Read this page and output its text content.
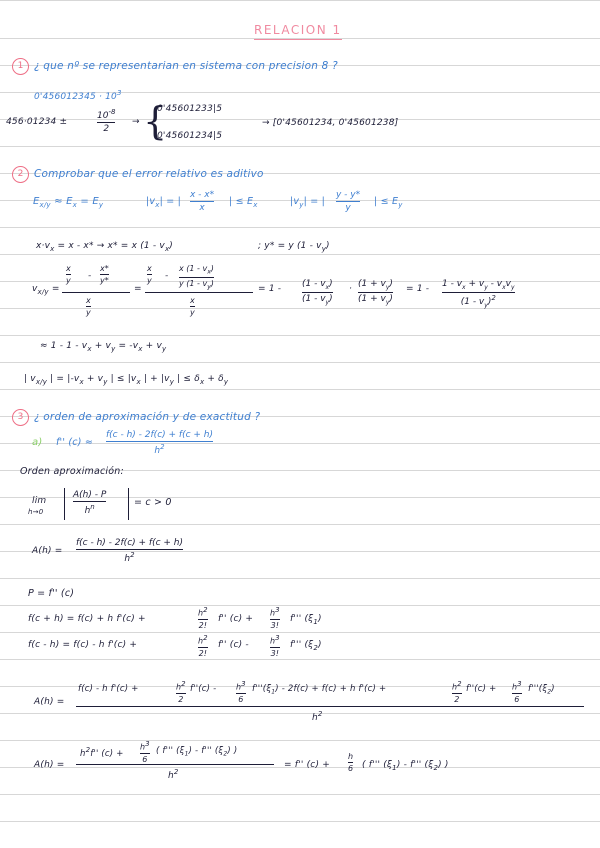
RELACION 1
1	¿ que nº se representarian en sistema con precision 8 ?
$0'456012345 \cdot 10^3$
456·01234 ±
$10^{-8}$
2
→ {
0'45601233|5
0'45601234|5
→ [0'45601234, 0'45601238]
2	Comprobar que el error relativo es aditivo
$E_{x/y} \approx E_x = E_y$	$|v_x|$ = |
x - x*
x
| ≤ $E_x$	$|v_y|$ = |
y - y*
y
| ≤ $E_y$
$x\cdot v_x = x - x* \to x* = x$ $(1 - v_x)$	; y* = y $(1 - v_y)$
$v_{x/y}$ =
x
y -
x*
y*
x
y
=
x
y -
x $(1 - v_x)$
y $(1 - v_y)$
x
y
= $1 - (1 - v_x)$
$(1 - v_y)$
· $(1 + v_y)$
$(1 + v_y)$
= $1 - 1 - v_x + v_y - v_xv_y$
$(1 - v_y)^2$
≈ $1 - 1 - v_x + v_y = -v_x + v_y$
| $v_{x/y}$ | = $|-v_x + v_y$ | ≤ $|v_x$ | + $|v_y$ | ≤ $\delta_x + \delta_y$
3	¿ orden de aproximación y de exactitud ?
a) f'' (c) ≈
f(c - h) - 2f(c) + f(c + h)
$h^2$
Orden aproximación:
lim
h→0
A(h) - P
$h^n$	= c > 0
A(h) =
f(c - h) - 2f(c) + f(c + h)
$h^2$
P = f'' (c)
f(c + h) = f(c) + h f'(c) +
h2
2!
f'' (c) +
h3
3!
f''' $(\xi_1)$
f(c - h) = f(c) - h f'(c) +	h2
2!
f'' (c) -	h3
3!
f''' $(\xi_2)$
A(h) =
f(c) - h f'(c) +	h2
2
f''(c) - h3
6
$f'''(\xi_1) - 2f(c) + f(c) + h$ f'(c) +	h2
2
f''(c) + h3
6
$f'''(\xi_2)$
$h^2$
A(h) =
$h^2f''$ (c) +
h3
6
( f''' $(\xi_1)$ - f''' $(\xi_2)$ )
$h^2$
= f'' (c) +
h
6 ( f''' $(\xi_1)$ - f''' $(\xi_2)$ )
